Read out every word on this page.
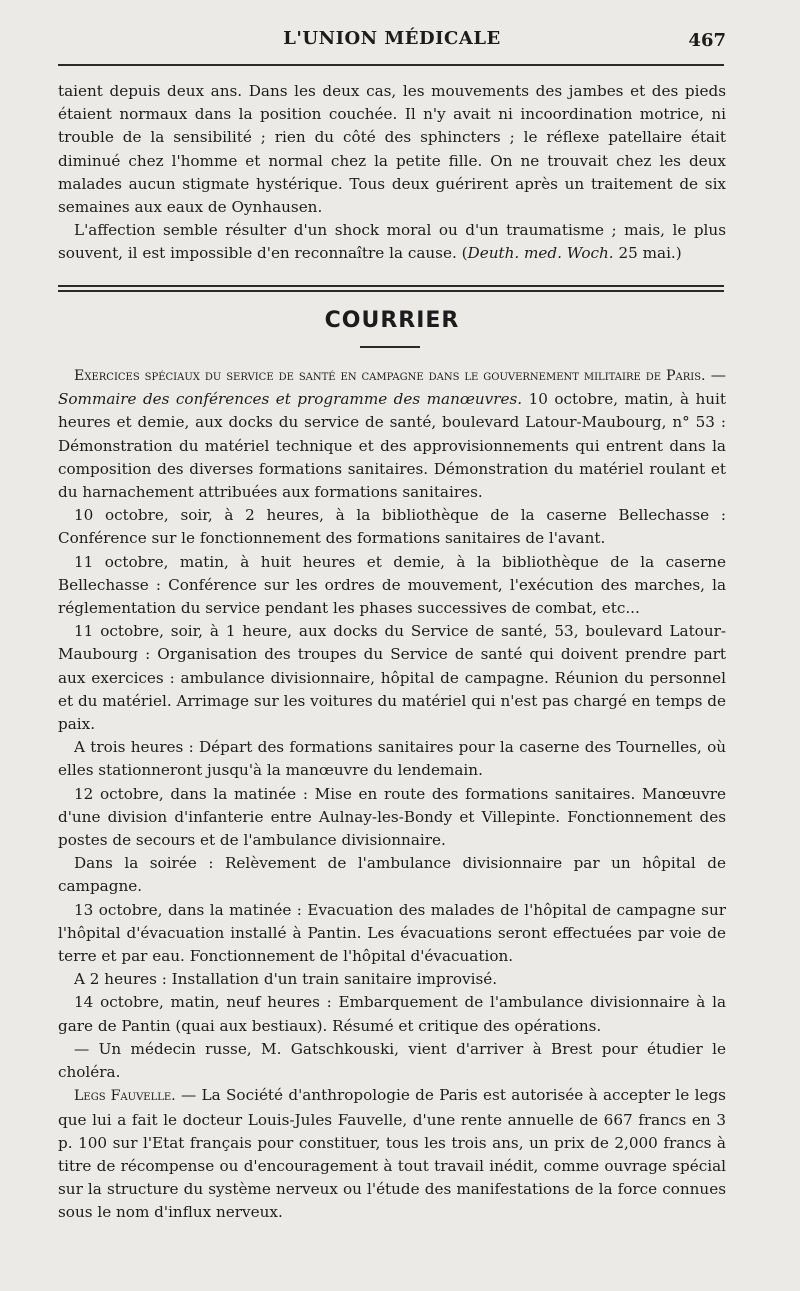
L'UNION MÉDICALE	467

taient depuis deux ans. Dans les deux cas, les mouvements des jambes et des pieds étaient normaux dans la position couchée. Il n'y avait ni incoordination motrice, ni trouble de la sensibilité ; rien du côté des sphincters ; le réflexe patellaire était diminué chez l'homme et normal chez la petite fille. On ne trouvait chez les deux malades aucun stigmate hystérique. Tous deux guérirent après un traitement de six semaines aux eaux de Oynhausen.

L'affection semble résulter d'un shock moral ou d'un traumatisme ; mais, le plus souvent, il est impossible d'en reconnaître la cause. (Deuth. med. Woch. 25 mai.)

COURRIER

Exercices spéciaux du service de santé en campagne dans le gouvernement militaire de Paris. — Sommaire des conférences et programme des manœuvres. 10 octobre, matin, à huit heures et demie, aux docks du service de santé, boulevard Latour-Maubourg, n° 53 : Démonstration du matériel technique et des approvisionnements qui entrent dans la composition des diverses formations sanitaires. Démonstration du matériel roulant et du harnachement attribuées aux formations sanitaires.

10 octobre, soir, à 2 heures, à la bibliothèque de la caserne Bellechasse : Conférence sur le fonctionnement des formations sanitaires de l'avant.

11 octobre, matin, à huit heures et demie, à la bibliothèque de la caserne Bellechasse : Conférence sur les ordres de mouvement, l'exécution des marches, la réglementation du service pendant les phases successives de combat, etc...

11 octobre, soir, à 1 heure, aux docks du Service de santé, 53, boulevard Latour-Maubourg : Organisation des troupes du Service de santé qui doivent prendre part aux exercices : ambulance divisionnaire, hôpital de campagne. Réunion du personnel et du matériel. Arrimage sur les voitures du matériel qui n'est pas chargé en temps de paix.

A trois heures : Départ des formations sanitaires pour la caserne des Tournelles, où elles stationneront jusqu'à la manœuvre du lendemain.

12 octobre, dans la matinée : Mise en route des formations sanitaires. Manœuvre d'une division d'infanterie entre Aulnay-les-Bondy et Villepinte. Fonctionnement des postes de secours et de l'ambulance divisionnaire.

Dans la soirée : Relèvement de l'ambulance divisionnaire par un hôpital de campagne.

13 octobre, dans la matinée : Evacuation des malades de l'hôpital de campagne sur l'hôpital d'évacuation installé à Pantin. Les évacuations seront effectuées par voie de terre et par eau. Fonctionnement de l'hôpital d'évacuation.

A 2 heures : Installation d'un train sanitaire improvisé.

14 octobre, matin, neuf heures : Embarquement de l'ambulance divisionnaire à la gare de Pantin (quai aux bestiaux). Résumé et critique des opérations.

— Un médecin russe, M. Gatschkouski, vient d'arriver à Brest pour étudier le choléra.

Legs Fauvelle. — La Société d'anthropologie de Paris est autorisée à accepter le legs que lui a fait le docteur Louis-Jules Fauvelle, d'une rente annuelle de 667 francs en 3 p. 100 sur l'Etat français pour constituer, tous les trois ans, un prix de 2,000 francs à titre de récompense ou d'encouragement à tout travail inédit, comme ouvrage spécial sur la structure du système nerveux ou l'étude des manifestations de la force connues sous le nom d'influx nerveux.
